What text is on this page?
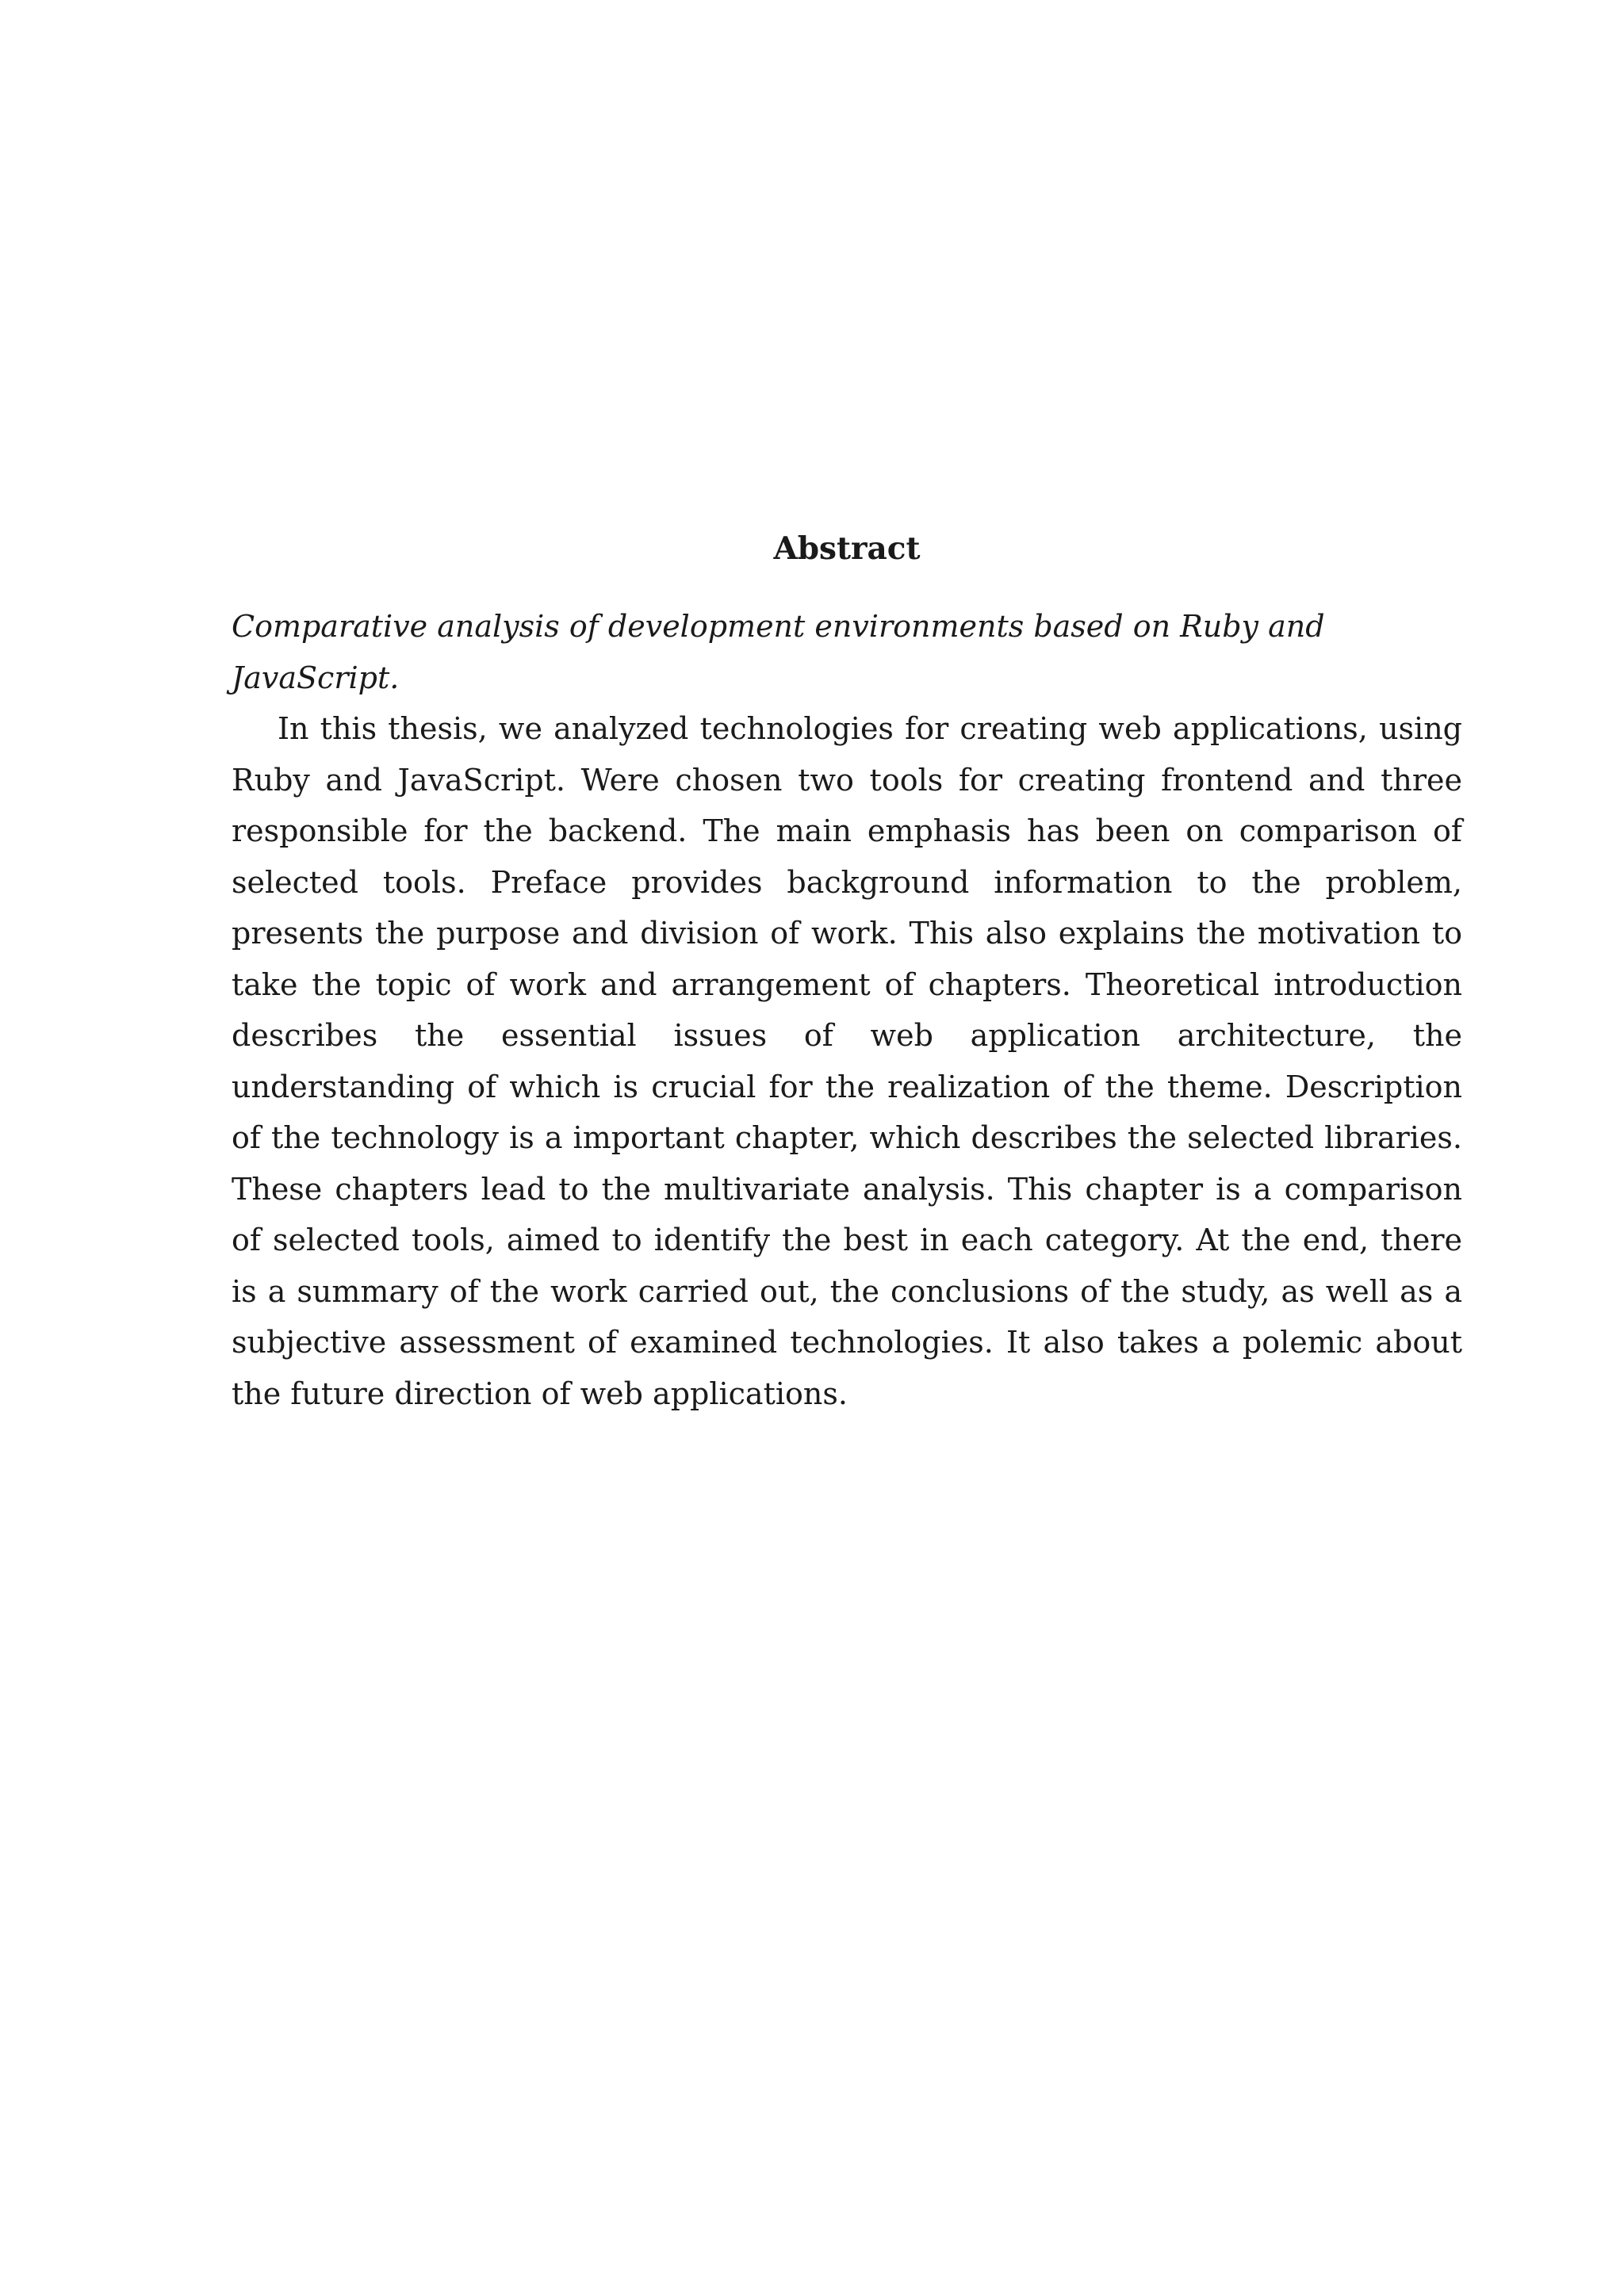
Abstract

Comparative analysis of development environments based on Ruby and JavaScript.

In this thesis, we analyzed technologies for creating web applications, using Ruby and JavaScript. Were chosen two tools for creating frontend and three responsible for the backend. The main emphasis has been on comparison of selected tools. Preface provides background information to the problem, presents the purpose and division of work. This also explains the motivation to take the topic of work and arrangement of chapters. Theoretical introduction describes the essential issues of web application architecture, the understanding of which is crucial for the realization of the theme. Description of the technology is a important chapter, which describes the selected libraries. These chapters lead to the multivariate analysis. This chapter is a comparison of selected tools, aimed to identify the best in each category. At the end, there is a summary of the work carried out, the conclusions of the study, as well as a subjective assessment of examined technologies. It also takes a polemic about the future direction of web applications.
